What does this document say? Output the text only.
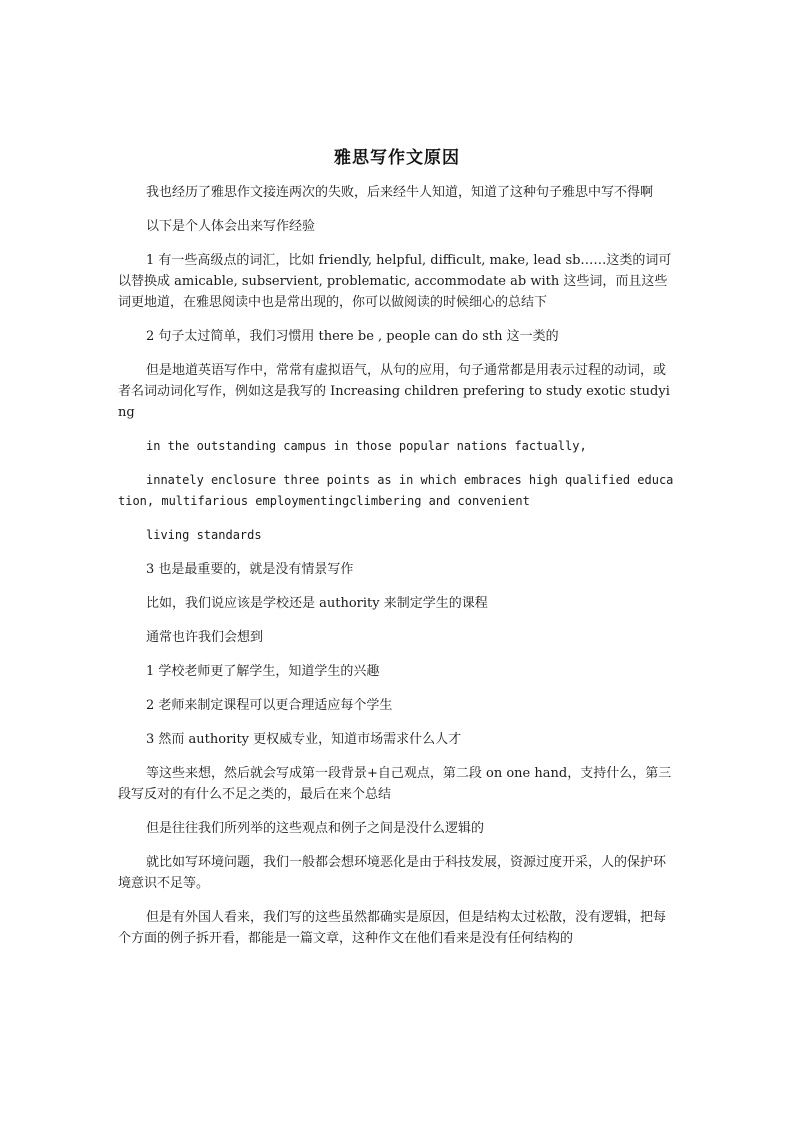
雅思写作文原因

我也经历了雅思作文接连两次的失败，后来经牛人知道，知道了这种句子雅思中写不得啊

以下是个人体会出来写作经验

1 有一些高级点的词汇，比如 friendly, helpful, difficult, make, lead sb……这类的词可以替换成 amicable, subservient, problematic, accommodate ab with 这些词，而且这些词更地道，在雅思阅读中也是常出现的，你可以做阅读的时候细心的总结下

2 句子太过简单，我们习惯用 there be , people can do sth 这一类的

但是地道英语写作中，常常有虚拟语气，从句的应用，句子通常都是用表示过程的动词，或者名词动词化写作，例如这是我写的 Increasing children prefering to study exotic studying

in the outstanding campus in those popular nations factually,

innately enclosure three points as in which embraces high qualified education, multifarious employmentingclimbering and convenient

living standards

3 也是最重要的，就是没有情景写作

比如，我们说应该是学校还是 authority 来制定学生的课程

通常也许我们会想到

1 学校老师更了解学生，知道学生的兴趣

2 老师来制定课程可以更合理适应每个学生

3 然而 authority 更权威专业，知道市场需求什么人才

等这些来想，然后就会写成第一段背景+自己观点，第二段 on one hand，支持什么，第三段写反对的有什么不足之类的，最后在来个总结

但是往往我们所列举的这些观点和例子之间是没什么逻辑的

就比如写环境问题，我们一般都会想环境恶化是由于科技发展，资源过度开采，人的保护环境意识不足等。

但是有外国人看来，我们写的这些虽然都确实是原因，但是结构太过松散，没有逻辑，把每个方面的例子拆开看，都能是一篇文章，这种作文在他们看来是没有任何结构的
